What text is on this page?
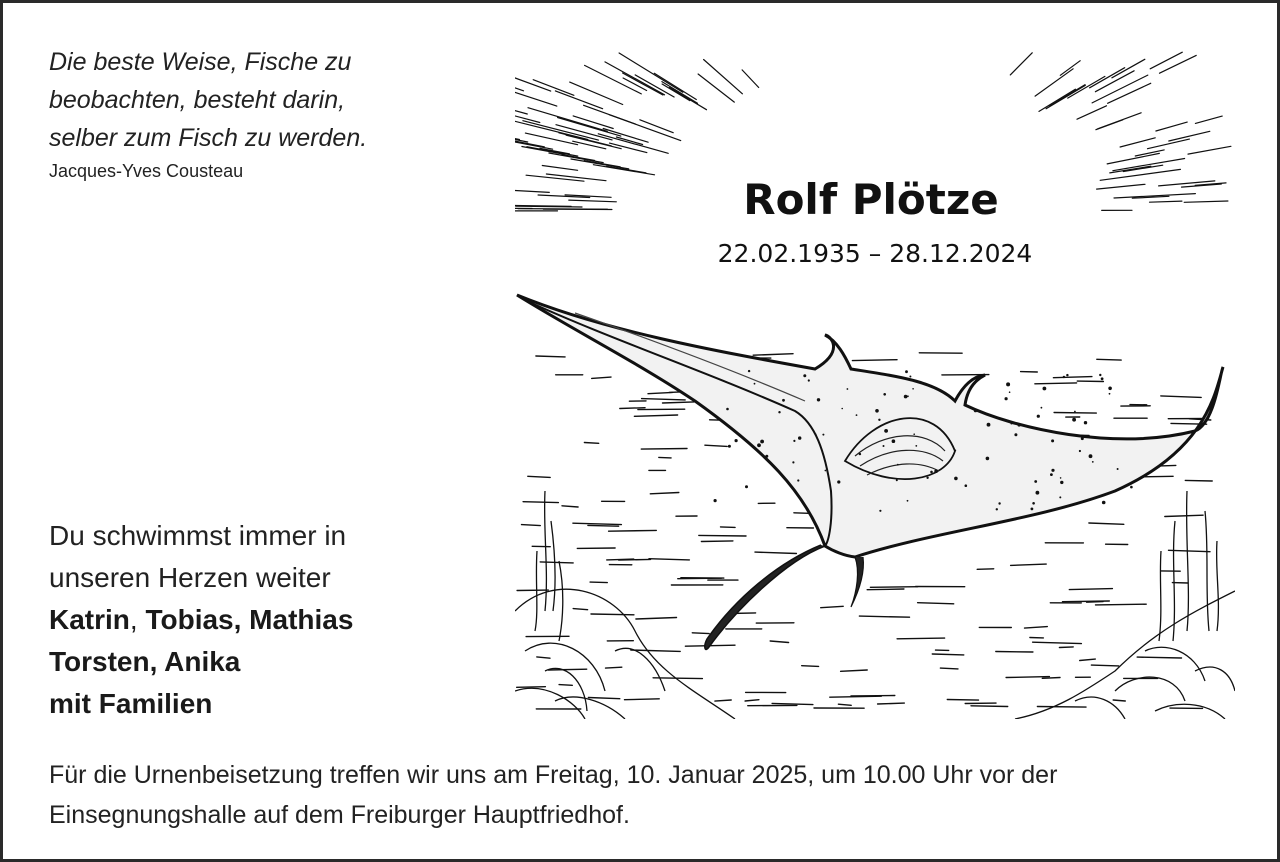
Die beste Weise, Fische zu
beobachten, besteht darin,
selber zum Fisch zu werden.
Jacques-Yves Cousteau
Rolf Plötze
22.02.1935 – 28.12.2024
Du schwimmst immer in
unseren Herzen weiter
Katrin, Tobias, Mathias
Torsten, Anika
mit Familien
Für die Urnenbeisetzung treffen wir uns am Freitag, 10. Januar 2025, um 10.00 Uhr vor der
Einsegnungshalle auf dem Freiburger Hauptfriedhof.
